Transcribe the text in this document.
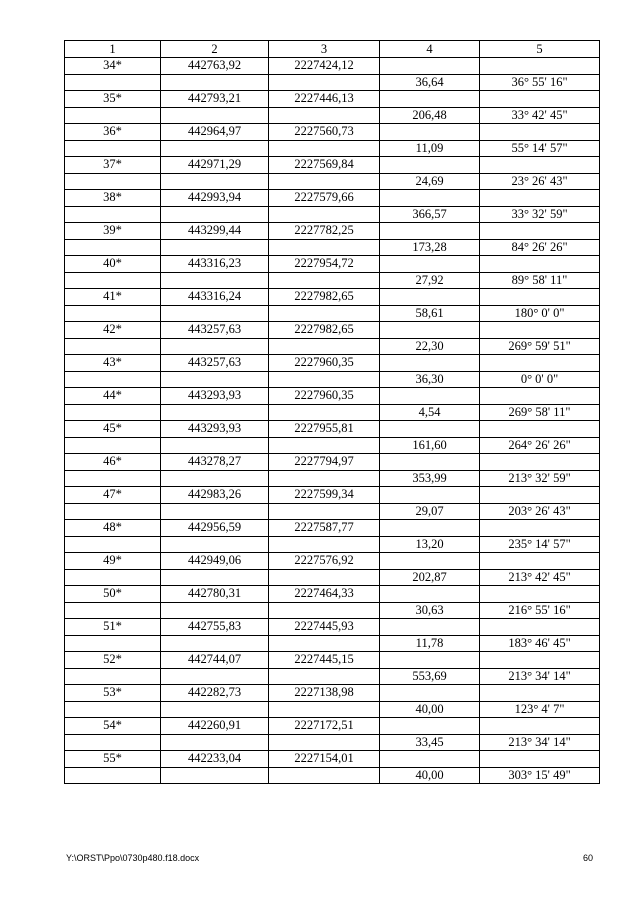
1	2	3	4	5
34*	442763,92	2227424,12		
			36,64	36° 55' 16"
35*	442793,21	2227446,13		
			206,48	33° 42' 45"
36*	442964,97	2227560,73		
			11,09	55° 14' 57"
37*	442971,29	2227569,84		
			24,69	23° 26' 43"
38*	442993,94	2227579,66		
			366,57	33° 32' 59"
39*	443299,44	2227782,25		
			173,28	84° 26' 26"
40*	443316,23	2227954,72		
			27,92	89° 58' 11"
41*	443316,24	2227982,65		
			58,61	180° 0' 0"
42*	443257,63	2227982,65		
			22,30	269° 59' 51"
43*	443257,63	2227960,35		
			36,30	0° 0' 0"
44*	443293,93	2227960,35		
			4,54	269° 58' 11"
45*	443293,93	2227955,81		
			161,60	264° 26' 26"
46*	443278,27	2227794,97		
			353,99	213° 32' 59"
47*	442983,26	2227599,34		
			29,07	203° 26' 43"
48*	442956,59	2227587,77		
			13,20	235° 14' 57"
49*	442949,06	2227576,92		
			202,87	213° 42' 45"
50*	442780,31	2227464,33		
			30,63	216° 55' 16"
51*	442755,83	2227445,93		
			11,78	183° 46' 45"
52*	442744,07	2227445,15		
			553,69	213° 34' 14"
53*	442282,73	2227138,98		
			40,00	123° 4' 7"
54*	442260,91	2227172,51		
			33,45	213° 34' 14"
55*	442233,04	2227154,01		
			40,00	303° 15' 49"
Y:\ORST\Ppo\0730p480.f18.docx	60
